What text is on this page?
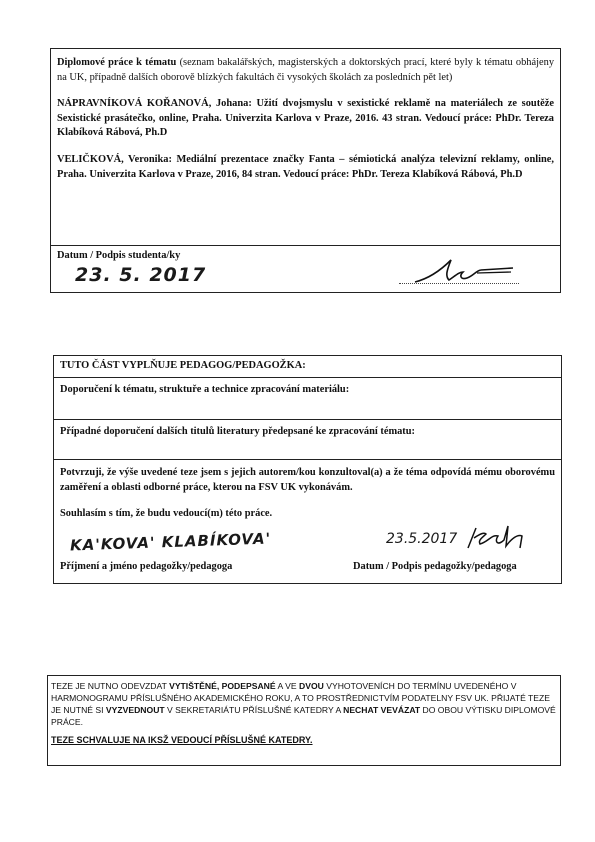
Diplomové práce k tématu (seznam bakalářských, magisterských a doktorských prací, které byly k tématu obhájeny na UK, případně dalších oborově blízkých fakultách či vysokých školách za posledních pět let)

NÁPRAVNÍKOVÁ KOŘANOVÁ, Johana: Užití dvojsmyslu v sexistické reklamě na materiálech ze soutěže Sexistické prasátečko, online, Praha. Univerzita Karlova v Praze, 2016. 43 stran. Vedoucí práce: PhDr. Tereza Klabíková Rábová, Ph.D

VELIČKOVÁ, Veronika: Mediální prezentace značky Fanta – sémiotická analýza televizní reklamy, online, Praha. Univerzita Karlova v Praze, 2016, 84 stran. Vedoucí práce: PhDr. Tereza Klabíková Rábová, Ph.D

Datum / Podpis studenta/ky

23. 5. 2017

TUTO ČÁST VYPLŇUJE PEDAGOG/PEDAGOŽKA:

Doporučení k tématu, struktuře a technice zpracování materiálu:

Případné doporučení dalších titulů literatury předepsané ke zpracování tématu:

Potvrzuji, že výše uvedené teze jsem s jejich autorem/kou konzultoval(a) a že téma odpovídá mému oborovému zaměření a oblasti odborné práce, kterou na FSV UK vykonávám.

Souhlasím s tím, že budu vedoucí(m) této práce.

KA'KOVA' KLABÍKOVA'	23.5.2017

Příjmení a jméno pedagožky/pedagoga	Datum / Podpis pedagožky/pedagoga

TEZE JE NUTNO ODEVZDAT VYTIŠTĚNÉ, PODEPSANÉ A VE DVOU VYHOTOVENÍCH DO TERMÍNU UVEDENÉHO V HARMONOGRAMU PŘÍSLUŠNÉHO AKADEMICKÉHO ROKU, A TO PROSTŘEDNICTVÍM PODATELNY FSV UK. PŘIJATÉ TEZE JE NUTNÉ SI VYZVEDNOUT V SEKRETARIÁTU PŘÍSLUŠNÉ KATEDRY A NECHAT VEVÁZAT DO OBOU VÝTISKU DIPLOMOVÉ PRÁCE.

TEZE SCHVALUJE NA IKSŽ VEDOUCÍ PŘÍSLUŠNÉ KATEDRY.
